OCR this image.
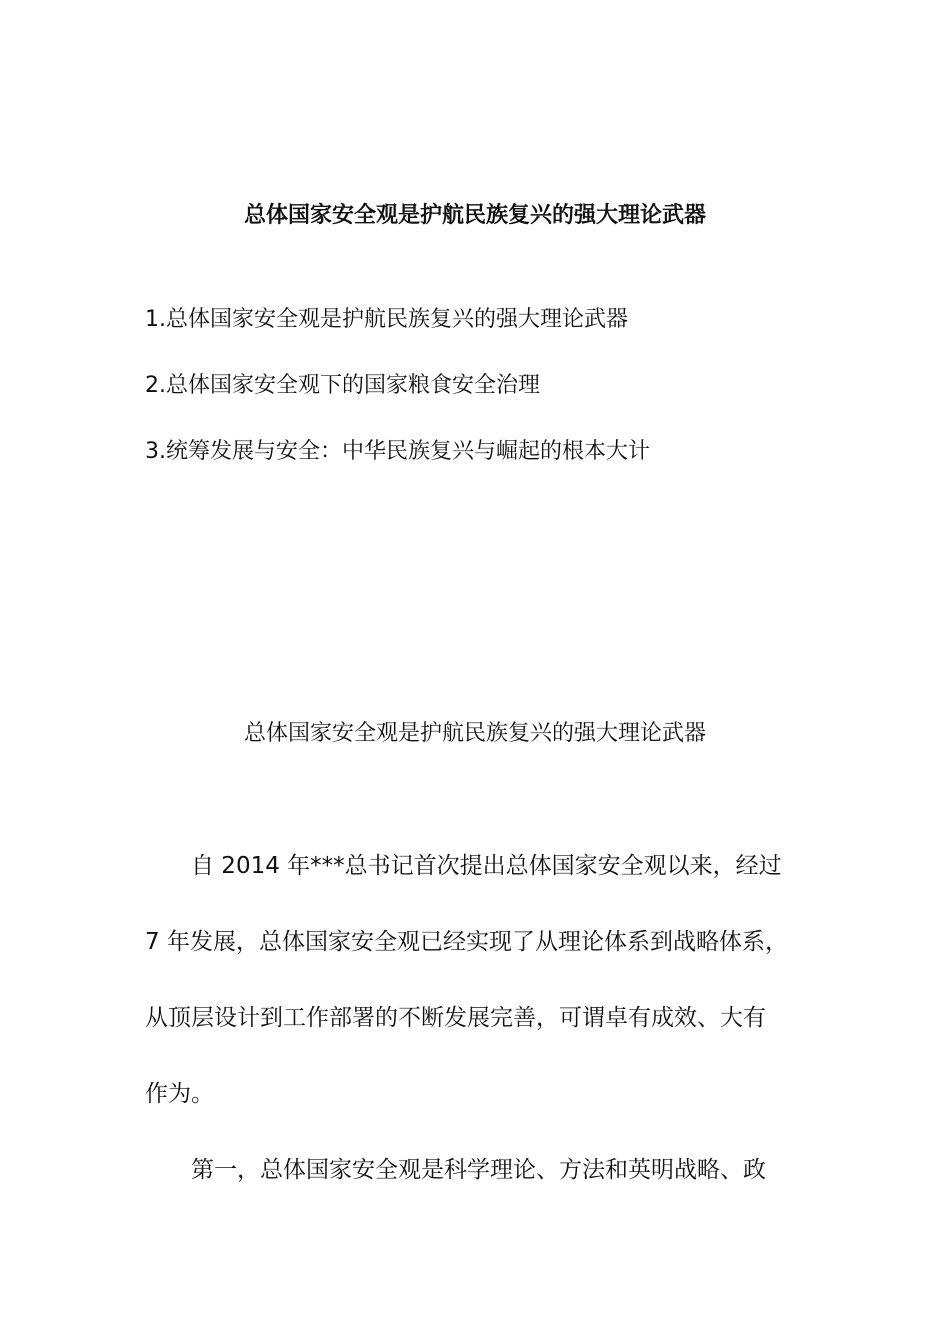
总体国家安全观是护航民族复兴的强大理论武器
1.总体国家安全观是护航民族复兴的强大理论武器
2.总体国家安全观下的国家粮食安全治理
3.统筹发展与安全：中华民族复兴与崛起的根本大计
总体国家安全观是护航民族复兴的强大理论武器
自 2014 年***总书记首次提出总体国家安全观以来，经过
7 年发展，总体国家安全观已经实现了从理论体系到战略体系，
从顶层设计到工作部署的不断发展完善，可谓卓有成效、大有
作为。
第一，总体国家安全观是科学理论、方法和英明战略、政
